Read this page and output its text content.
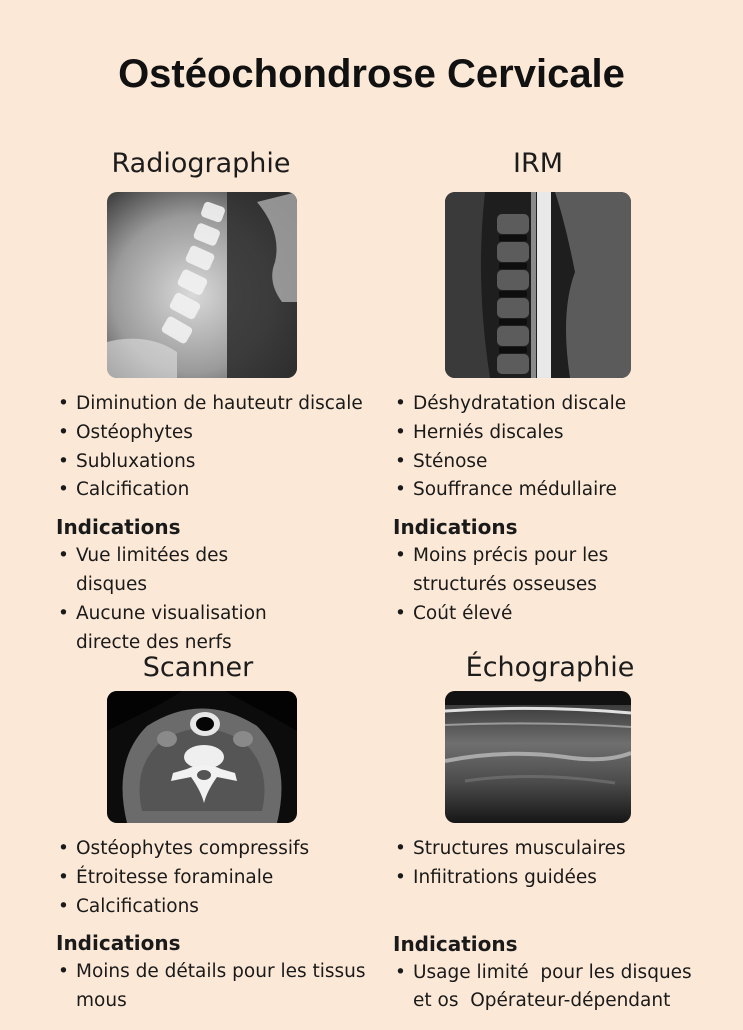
Ostéochondrose Cervicale
Radiographie
• Diminution de hauteutr discale
• Ostéophytes
• Subluxations
• Calcification
Indications
• Vue limitées des disques
• Aucune visualisation directe des nerfs
IRM
• Déshydratation discale
• Herniés discales
• Sténose
• Souffrance médullaire
Indications
• Moins précis pour les structurés osseuses
• Coút élevé
Scanner
• Ostéophytes compressifs
• Étroitesse foraminale
• Calcifications
Indications
• Moins de détails pour les tissus mous
Échographie
• Structures musculaires
• Infiitrations guidées
Indications
• Usage limité  pour les disques et os  Opérateur-dépendant
